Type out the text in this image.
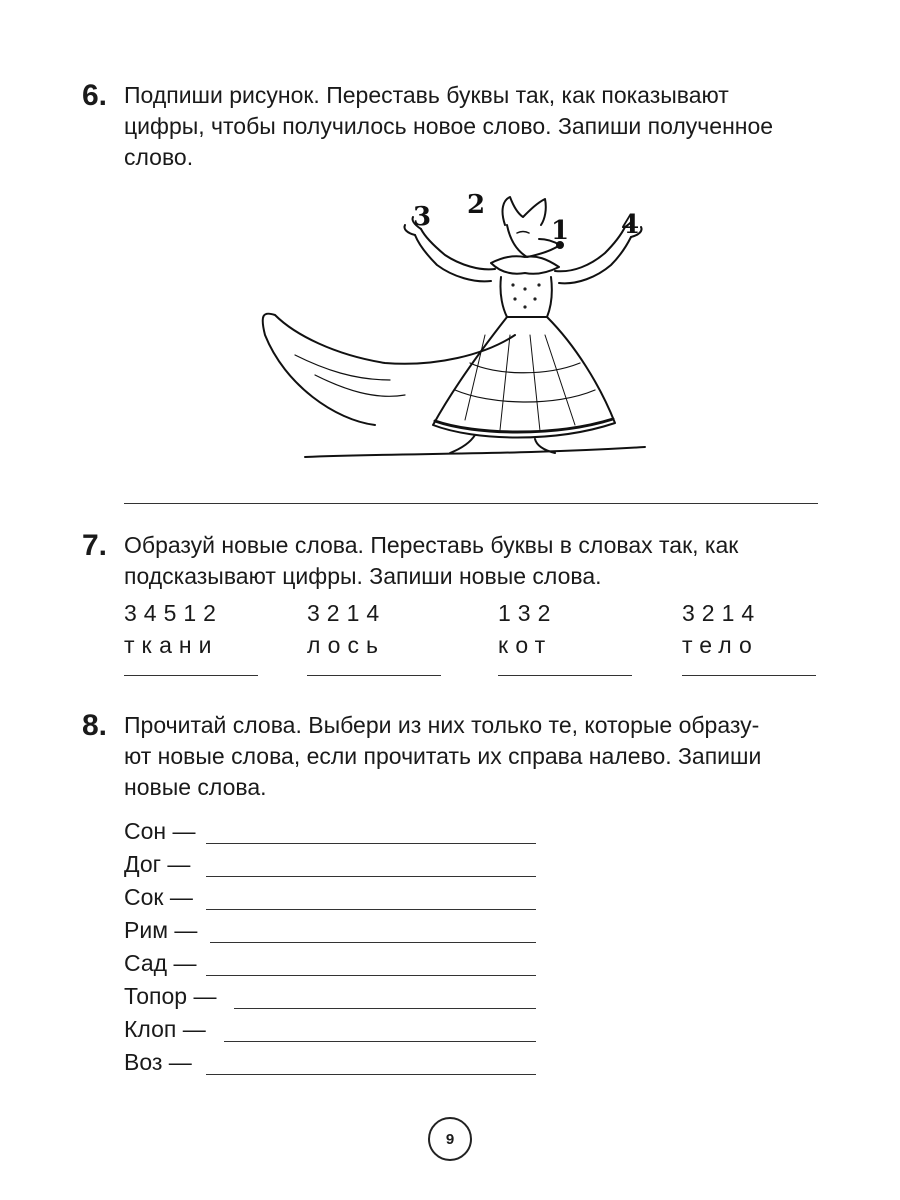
6. Подпиши рисунок. Переставь буквы так, как показывают

цифры, чтобы получилось новое слово. Запиши полученное

слово.

3 2
1 4
7. Образуй новые слова. Переставь буквы в словах так, как

подсказывают цифры. Запиши новые слова.

34512
ткани
3214
лось
132
кот
3214
тело
8. Прочитай слова. Выбери из них только те, которые образу-

ют новые слова, если прочитать их справа налево. Запиши

новые слова.

Сон —
Дог —
Сок —
Рим —
Сад —
Топор —
Клоп —
Воз —
9
